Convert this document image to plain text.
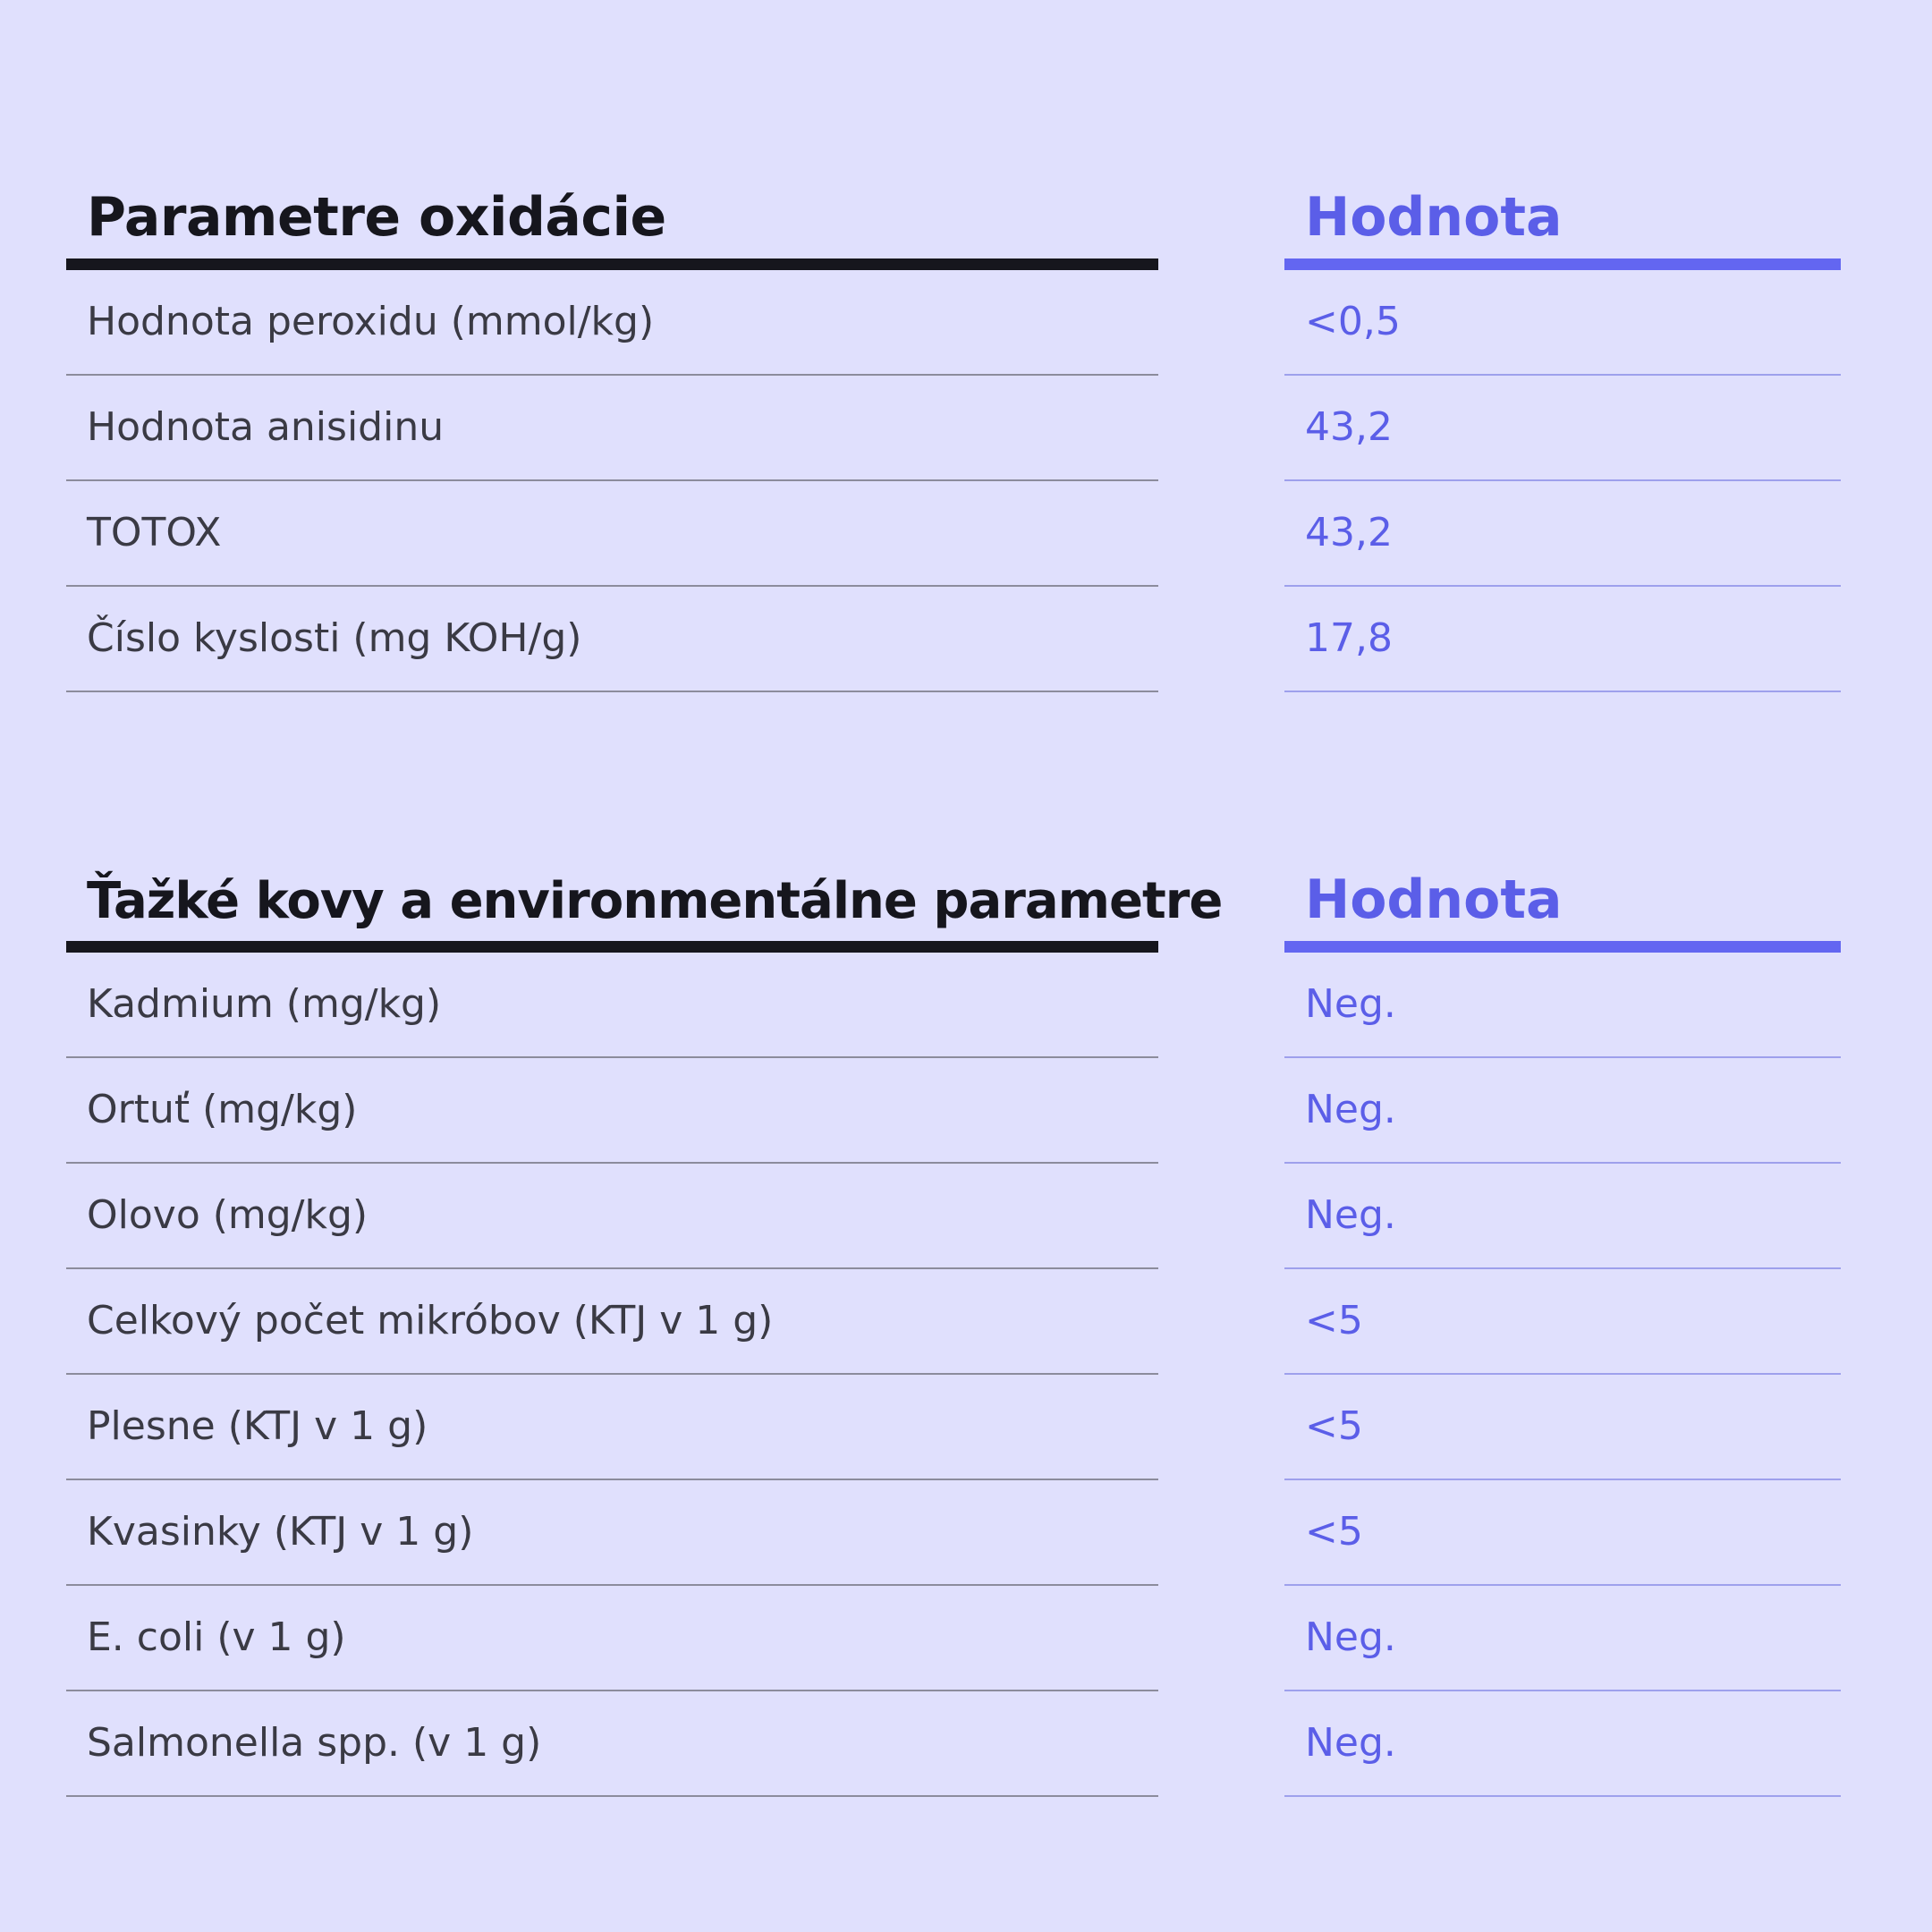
Parametre oxidácie
Hodnota peroxidu (mmol/kg)
Hodnota anisidinu
TOTOX
Číslo kyslosti (mg KOH/g)
Hodnota
<0,5
43,2
43,2
17,8
Ťažké kovy a environmentálne parametre
Kadmium (mg/kg)
Ortuť (mg/kg)
Olovo (mg/kg)
Celkový počet mikróbov (KTJ v 1 g)
Plesne (KTJ v 1 g)
Kvasinky (KTJ v 1 g)
E. coli (v 1 g)
Salmonella spp. (v 1 g)
Hodnota
Neg.
Neg.
Neg.
<5
<5
<5
Neg.
Neg.
